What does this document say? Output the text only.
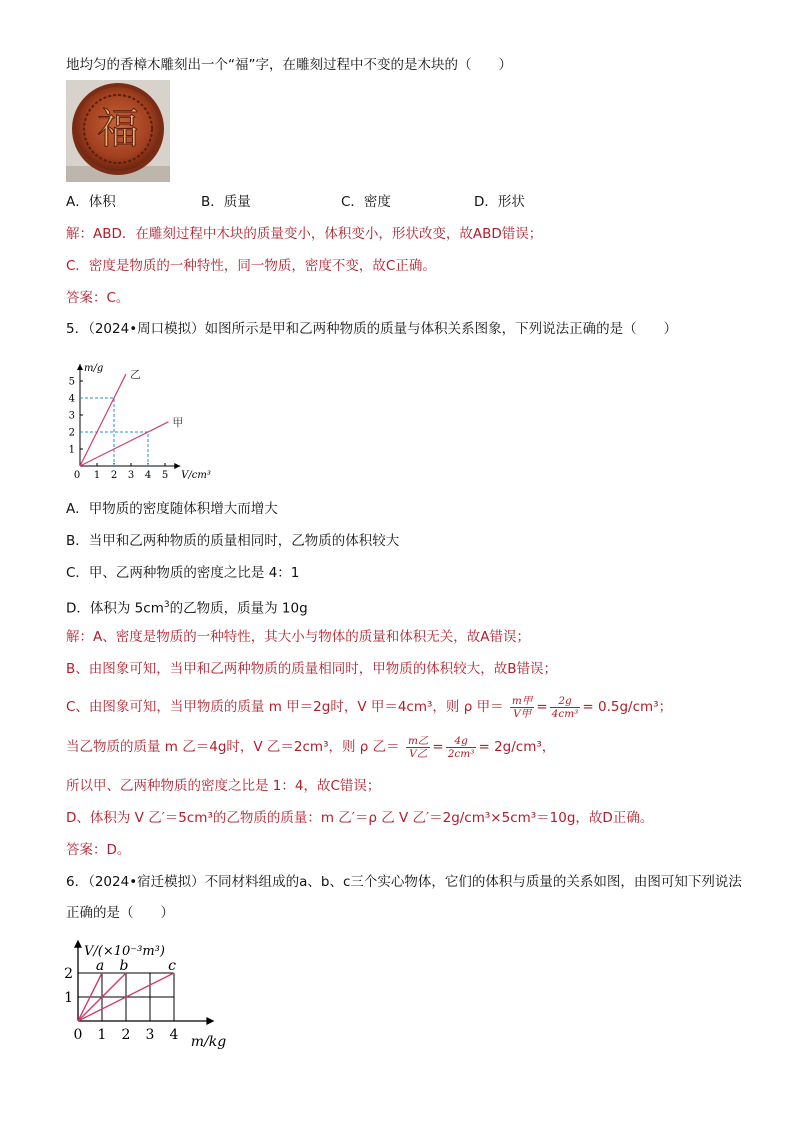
地均匀的香樟木雕刻出一个“福”字，在雕刻过程中不变的是木块的（　　）
福
A．体积	B．质量	C．密度	D．形状
解：ABD．在雕刻过程中木块的质量变小，体积变小，形状改变，故ABD错误；
C．密度是物质的一种特性，同一物质，密度不变，故C正确。
答案：C。
5．（2024•周口模拟）如图所示是甲和乙两种物质的质量与体积关系图象，下列说法正确的是（　　）
0 1 2 3 4 5
1
2
3
4
5
m/g
V/cm³
乙
甲
A．甲物质的密度随体积增大而增大
B．当甲和乙两种物质的质量相同时，乙物质的体积较大
C．甲、乙两种物质的密度之比是 4：1
D．体积为 $5cm^3$的乙物质，质量为 10g
解：A、密度是物质的一种特性，其大小与物体的质量和体积无关，故A错误；
B、由图象可知，当甲和乙两种物质的质量相同时，甲物质的体积较大，故B错误；
C、由图象可知，当甲物质的质量 m 甲＝2g时，V 甲＝4cm³，则 ρ 甲＝ $\frac{\text{m甲}}{\text{V甲}} = \frac{2g}{\text{4cm³}} = 0.5g/cm^3$；
当乙物质的质量 m 乙＝4g时，V 乙＝2cm³，则 ρ 乙＝ $\frac{\text{m乙}}{\text{V乙}} = \frac{4g}{\text{2cm³}} = 2g/cm^3$，
所以甲、乙两种物质的密度之比是 1：4，故C错误；
D、体积为 V 乙′＝5cm³的乙物质的质量：m 乙′＝ρ 乙 V 乙′＝2g/cm³×5cm³＝10g，故D正确。
答案：D。
6．（2024•宿迁模拟）不同材料组成的a、b、c三个实心物体，它们的体积与质量的关系如图，由图可知下列说法
正确的是（　　）
0 1 2 3 4
1
2
V/(×10⁻³m³)
m/kg
a b	c
